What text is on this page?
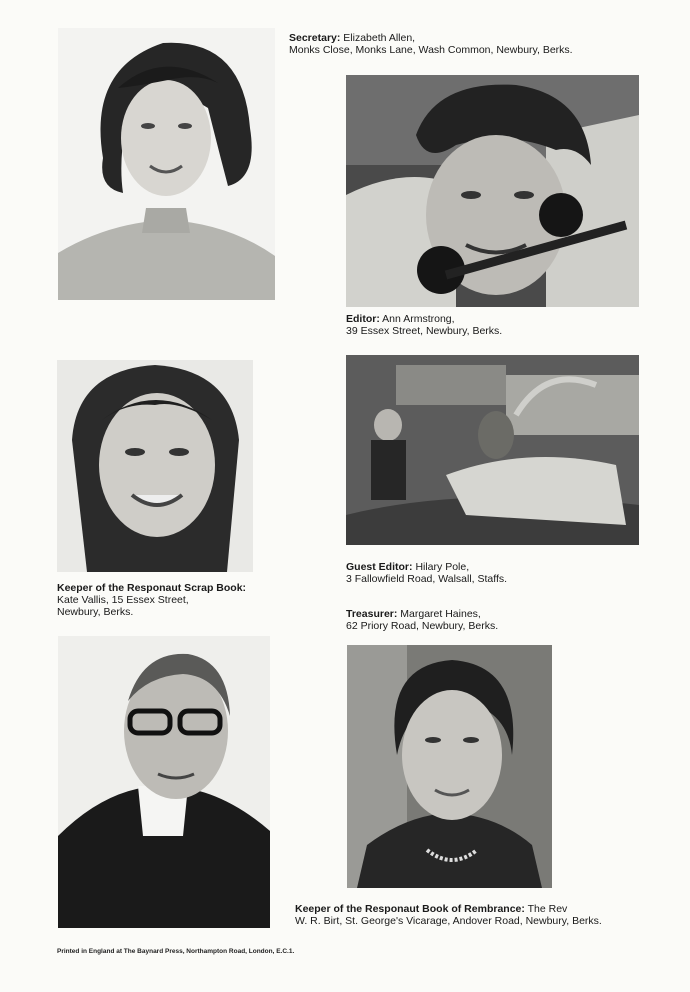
Secretary: Elizabeth Allen,
Monks Close, Monks Lane, Wash Common, Newbury, Berks.
Editor: Ann Armstrong,
39 Essex Street, Newbury, Berks.
Keeper of the Responaut Scrap Book:
Kate Vallis, 15 Essex Street,
Newbury, Berks.
Guest Editor: Hilary Pole,
3 Fallowfield Road, Walsall, Staffs.
Treasurer: Margaret Haines,
62 Priory Road, Newbury, Berks.
Keeper of the Responaut Book of Rembrance: The Rev
W. R. Birt, St. George's Vicarage, Andover Road, Newbury, Berks.
Printed in England at The Baynard Press, Northampton Road, London, E.C.1.
